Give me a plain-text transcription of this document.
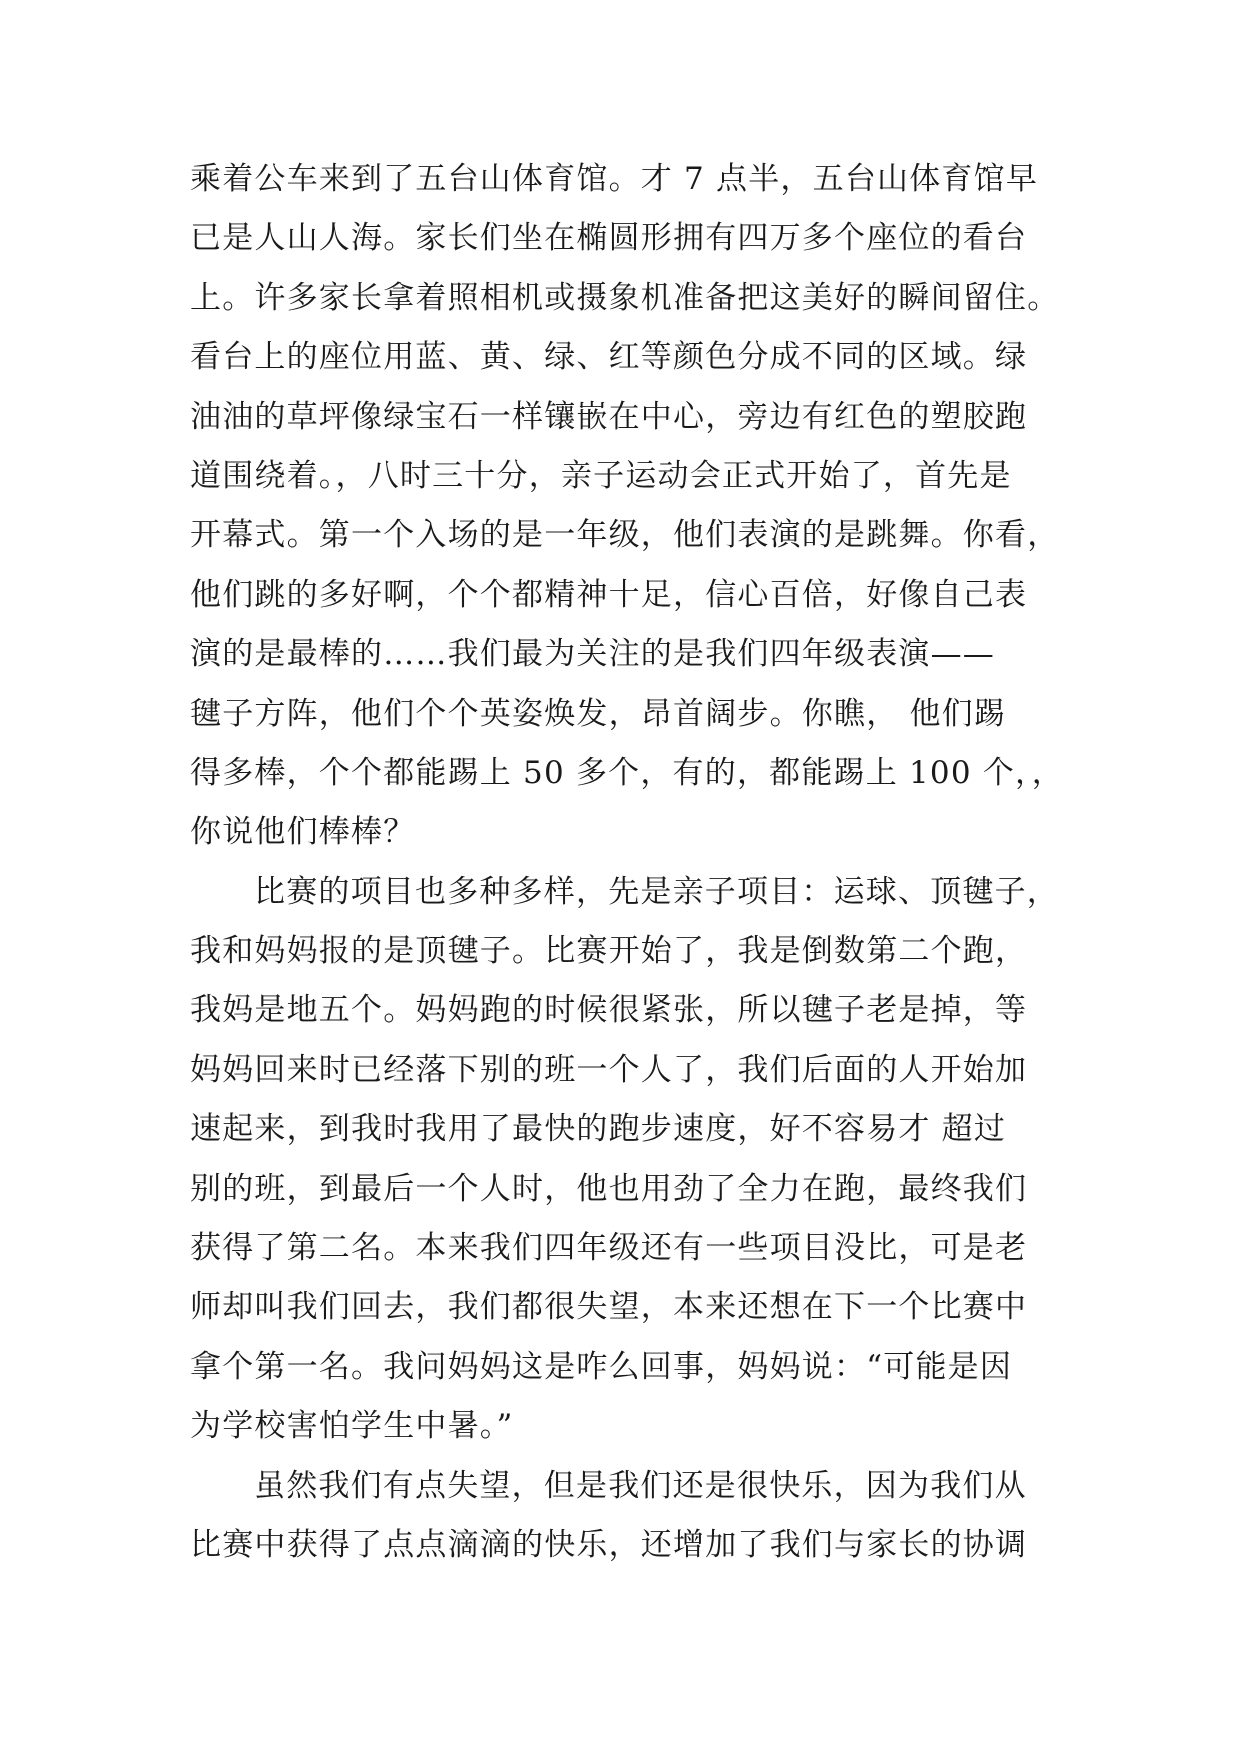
乘着公车来到了五台山体育馆。才 7 点半，五台山体育馆早
已是人山人海。家长们坐在椭圆形拥有四万多个座位的看台
上。许多家长拿着照相机或摄象机准备把这美好的瞬间留住。
看台上的座位用蓝、黄、绿、红等颜色分成不同的区域。绿
油油的草坪像绿宝石一样镶嵌在中心，旁边有红色的塑胶跑
道围绕着。，八时三十分，亲子运动会正式开始了，首先是
开幕式。第一个入场的是一年级，他们表演的是跳舞。你看，
他们跳的多好啊，个个都精神十足，信心百倍，好像自己表
演的是最棒的……我们最为关注的是我们四年级表演——
毽子方阵，他们个个英姿焕发，昂首阔步。你瞧， 他们踢
得多棒，个个都能踢上 50 多个，有的，都能踢上 100 个，，
你说他们棒棒？
比赛的项目也多种多样，先是亲子项目：运球、顶毽子，
我和妈妈报的是顶毽子。比赛开始了，我是倒数第二个跑，
我妈是地五个。妈妈跑的时候很紧张，所以毽子老是掉，等
妈妈回来时已经落下别的班一个人了，我们后面的人开始加
速起来，到我时我用了最快的跑步速度，好不容易才 超过
别的班，到最后一个人时，他也用劲了全力在跑，最终我们
获得了第二名。本来我们四年级还有一些项目没比，可是老
师却叫我们回去，我们都很失望，本来还想在下一个比赛中
拿个第一名。我问妈妈这是咋么回事，妈妈说：“可能是因
为学校害怕学生中暑。”
虽然我们有点失望，但是我们还是很快乐，因为我们从
比赛中获得了点点滴滴的快乐，还增加了我们与家长的协调
